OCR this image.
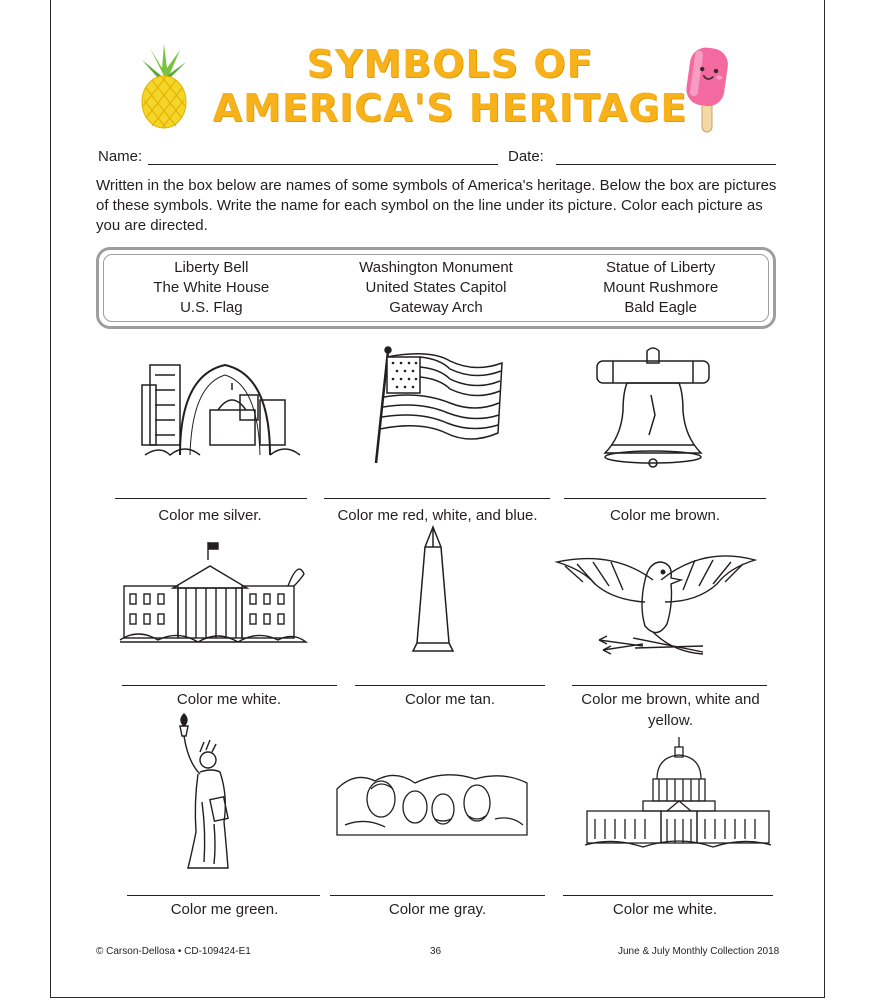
SYMBOLS OF
AMERICA'S HERITAGE
Name:	Date:
Written in the box below are names of some symbols of America's heritage. Below the box are pictures of these symbols. Write the name for each symbol on the line under its picture. Color each picture as you are directed.
Liberty Bell	Washington Monument	Statue of Liberty
The White House	United States Capitol	Mount Rushmore
U.S. Flag	Gateway Arch	Bald Eagle
Color me silver.	Color me red, white, and blue.	Color me brown.
Color me white.	Color me tan.	Color me brown, white and yellow.
Color me green.	Color me gray.	Color me white.
© Carson-Dellosa • CD-109424-E1	36	June & July Monthly Collection 2018
